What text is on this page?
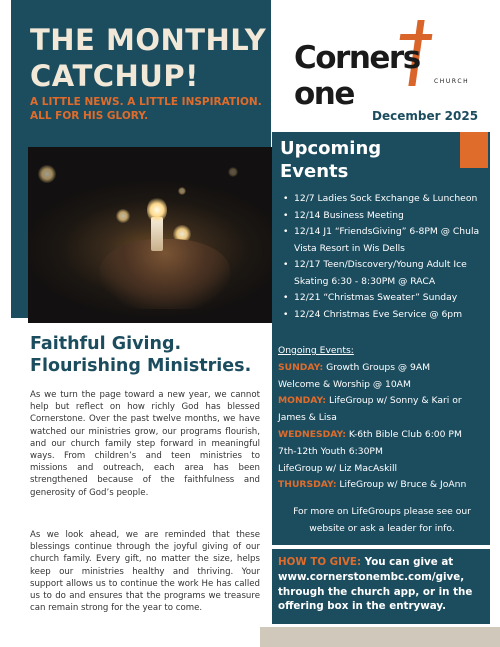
THE MONTHLY
CATCHUP!
A LITTLE NEWS. A LITTLE INSPIRATION.
ALL FOR HIS GLORY.
Cornersone	CHURCH
December 2025
Upcoming
Events
• 12/7 Ladies Sock Exchange & Luncheon
• 12/14 Business Meeting
• 12/14 J1 “FriendsGiving” 6-8PM @ Chula Vista Resort in Wis Dells
• 12/17 Teen/Discovery/Young Adult Ice Skating 6:30 - 8:30PM @ RACA
• 12/21 “Christmas Sweater” Sunday
• 12/24 Christmas Eve Service @ 6pm
Ongoing Events:
SUNDAY: Growth Groups @ 9AM
Welcome & Worship @ 10AM
MONDAY: LifeGroup w/ Sonny & Kari or James & Lisa
WEDNESDAY: K-6th Bible Club 6:00 PM
7th-12th Youth 6:30PM
LifeGroup w/ Liz MacAskill
THURSDAY: LifeGroup w/ Bruce & JoAnn
For more on LifeGroups please see our website or ask a leader for info.
HOW TO GIVE: You can give at www.cornerstonembc.com/give, through the church app, or in the offering box in the entryway.
Faithful Giving.
Flourishing Ministries.
As we turn the page toward a new year, we cannot help but reflect on how richly God has blessed Cornerstone. Over the past twelve months, we have watched our ministries grow, our programs flourish, and our church family step forward in meaningful ways. From children’s and teen ministries to missions and outreach, each area has been strengthened because of the faithfulness and generosity of God’s people.
As we look ahead, we are reminded that these blessings continue through the joyful giving of our church family. Every gift, no matter the size, helps keep our ministries healthy and thriving. Your support allows us to continue the work He has called us to do and ensures that the programs we treasure can remain strong for the year to come.
